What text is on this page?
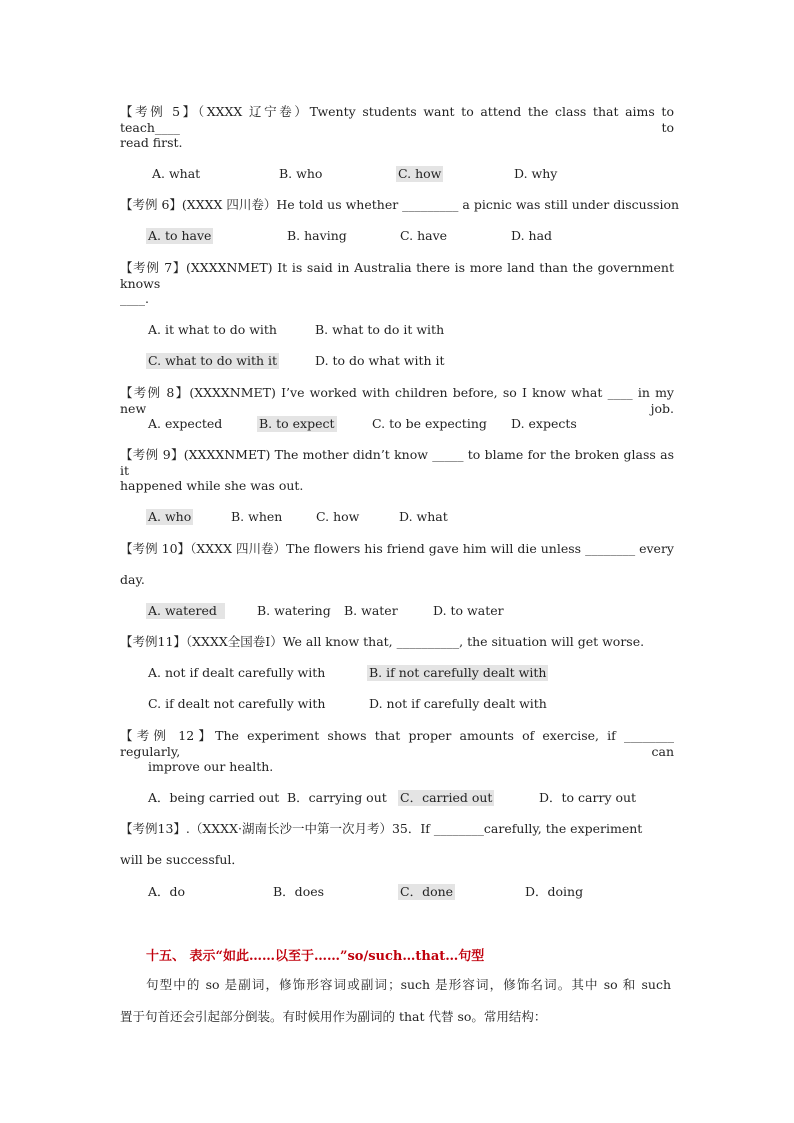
【考例 5】（XXXX 辽宁卷）Twenty students want to attend the class that aims to teach____ to
read first.
A. what	B. who	C. how	D. why
【考例 6】(XXXX 四川卷）He told us whether _________ a picnic was still under discussion
A. to have	B. having	C. have	D. had
【考例 7】(XXXXNMET) It is said in Australia there is more land than the government knows
____.
A. it what to do with	B. what to do it with
C. what to do with it	D. to do what with it
【考例 8】(XXXXNMET) I’ve worked with children before, so I know what ____ in my new job.
A. expected	B. to expect	C. to be expecting D. expects
【考例 9】(XXXXNMET) The mother didn’t know _____ to blame for the broken glass as it
happened while she was out.
A. who	B. when	C. how	D. what
【考例 10】（XXXX 四川卷）The flowers his friend gave him will die unless ________ every
day.
A. watered	B. watering B. water	D. to water
【考例11】（XXXX全国卷I）We all know that, __________, the situation will get worse.
A. not if dealt carefully with	B. if not carefully dealt with
C. if dealt not carefully with	D. not if carefully dealt with
【考例 12】The experiment shows that proper amounts of exercise, if ________ regularly, can
improve our health.
A．being carried out B．carrying out C．carried out	D．to carry out
【考例13】.（XXXX·湖南长沙一中第一次月考）35．If ________carefully, the experiment
will be successful．
A．do	B．does	C．done	D．doing
十五、 表示“如此……以至于……”so/such…that…句型
句型中的 so 是副词，修饰形容词或副词；such 是形容词，修饰名词。其中 so 和 such
置于句首还会引起部分倒装。有时候用作为副词的 that 代替 so。常用结构：
